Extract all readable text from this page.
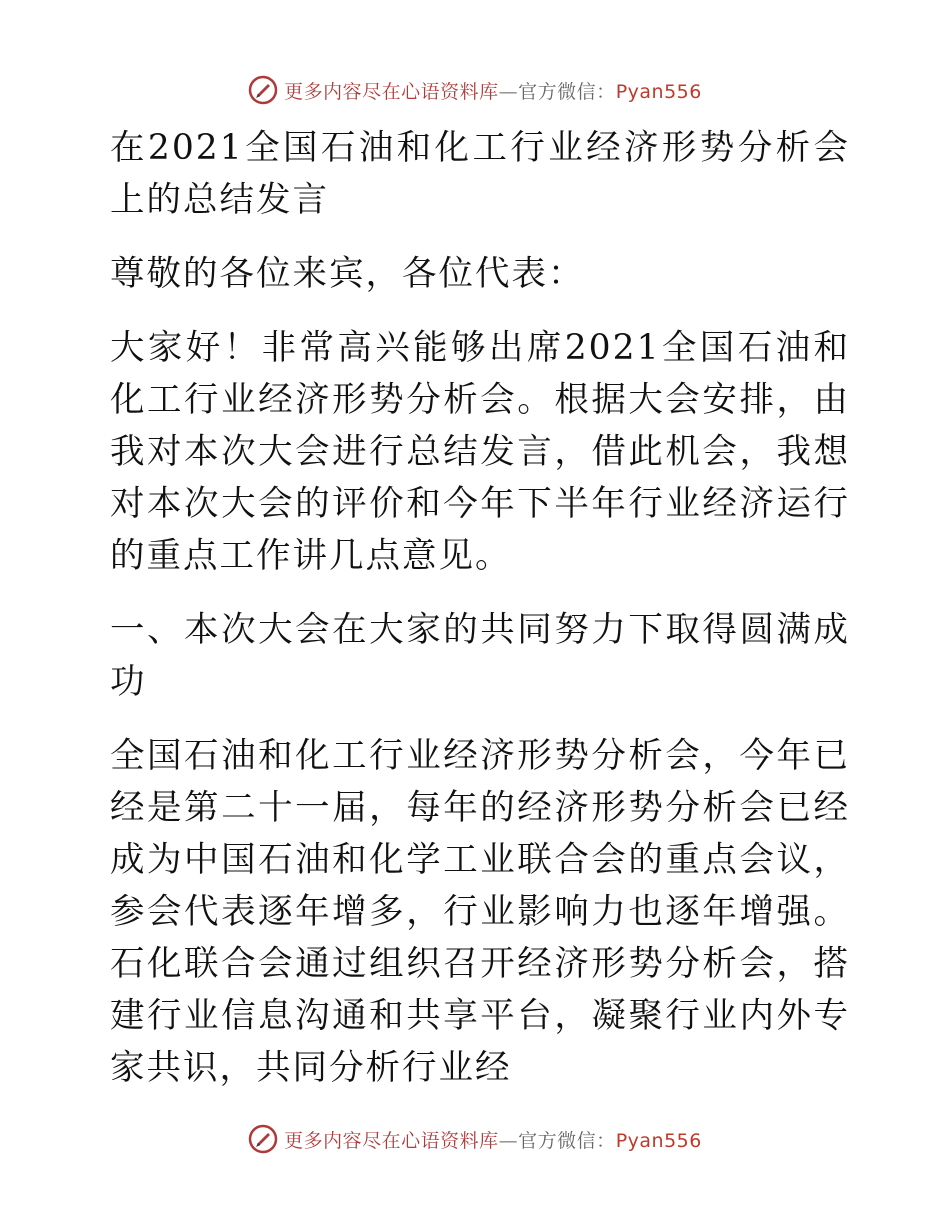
更多内容尽在心语资料库—官方微信：Pyan556

在2021全国石油和化工行业经济形势分析会上的总结发言

尊敬的各位来宾，各位代表：

大家好！非常高兴能够出席2021全国石油和化工行业经济形势分析会。根据大会安排，由我对本次大会进行总结发言，借此机会，我想对本次大会的评价和今年下半年行业经济运行的重点工作讲几点意见。

一、本次大会在大家的共同努力下取得圆满成功

全国石油和化工行业经济形势分析会，今年已经是第二十一届，每年的经济形势分析会已经成为中国石油和化学工业联合会的重点会议，参会代表逐年增多，行业影响力也逐年增强。石化联合会通过组织召开经济形势分析会，搭建行业信息沟通和共享平台，凝聚行业内外专家共识，共同分析行业经

更多内容尽在心语资料库—官方微信：Pyan556
